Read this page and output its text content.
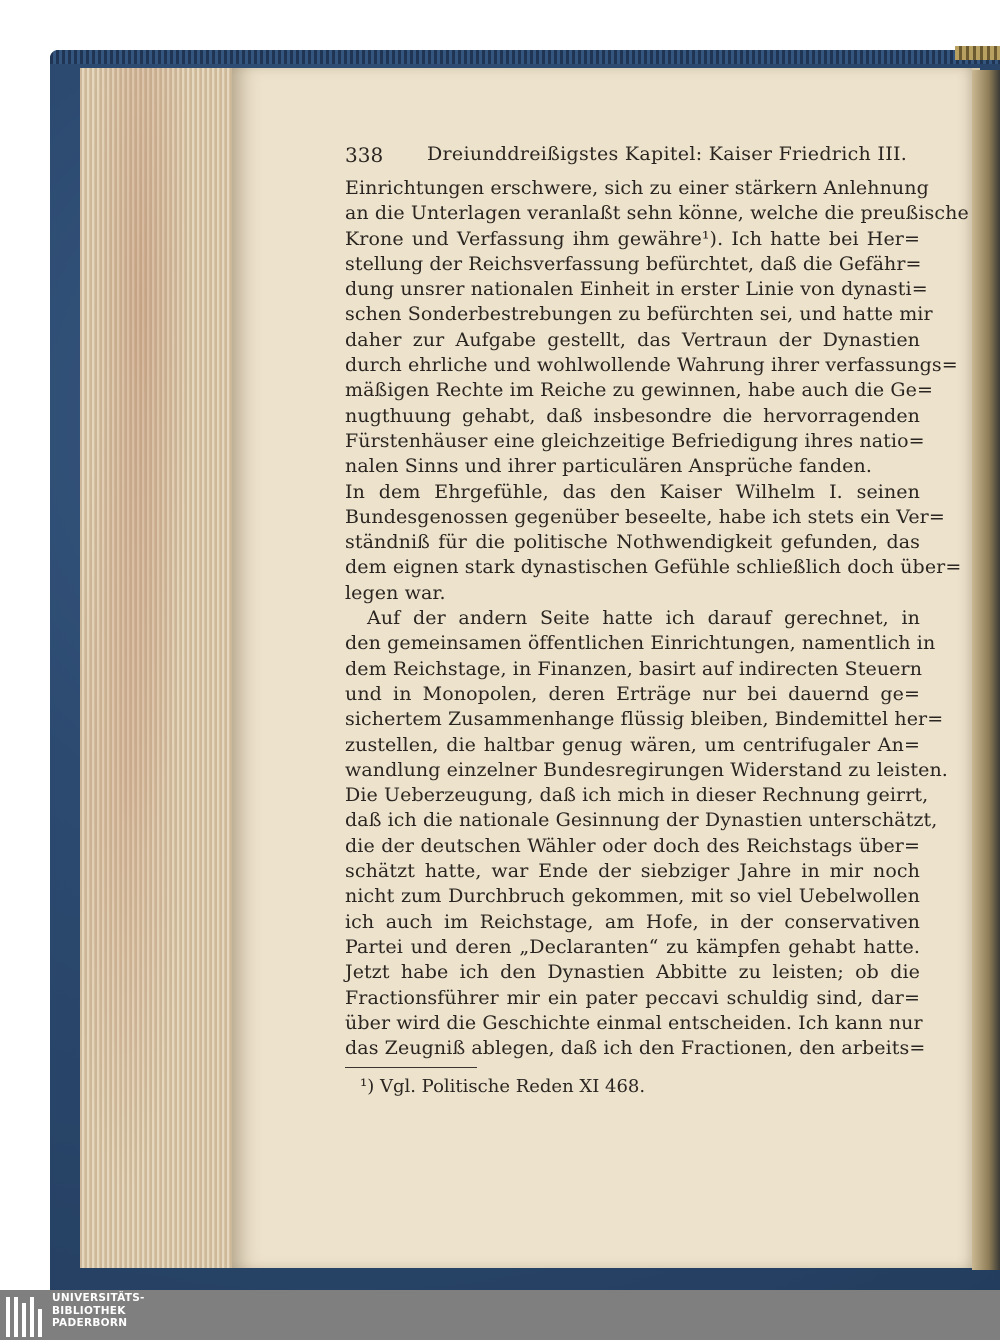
338 Dreiunddreißigstes Kapitel: Kaiser Friedrich III.
Einrichtungen erschwere, sich zu einer stärkern Anlehnung
an die Unterlagen veranlaßt sehn könne, welche die preußische
Krone und Verfassung ihm gewähre¹). Ich hatte bei Her=
stellung der Reichsverfassung befürchtet, daß die Gefähr=
dung unsrer nationalen Einheit in erster Linie von dynasti=
schen Sonderbestrebungen zu befürchten sei, und hatte mir
daher zur Aufgabe gestellt, das Vertraun der Dynastien
durch ehrliche und wohlwollende Wahrung ihrer verfassungs=
mäßigen Rechte im Reiche zu gewinnen, habe auch die Ge=
nugthuung gehabt, daß insbesondre die hervorragenden
Fürstenhäuser eine gleichzeitige Befriedigung ihres natio=
nalen Sinns und ihrer particulären Ansprüche fanden.
In dem Ehrgefühle, das den Kaiser Wilhelm I. seinen
Bundesgenossen gegenüber beseelte, habe ich stets ein Ver=
ständniß für die politische Nothwendigkeit gefunden, das
dem eignen stark dynastischen Gefühle schließlich doch über=
legen war.
Auf der andern Seite hatte ich darauf gerechnet, in
den gemeinsamen öffentlichen Einrichtungen, namentlich in
dem Reichstage, in Finanzen, basirt auf indirecten Steuern
und in Monopolen, deren Erträge nur bei dauernd ge=
sichertem Zusammenhange flüssig bleiben, Bindemittel her=
zustellen, die haltbar genug wären, um centrifugaler An=
wandlung einzelner Bundesregirungen Widerstand zu leisten.
Die Ueberzeugung, daß ich mich in dieser Rechnung geirrt,
daß ich die nationale Gesinnung der Dynastien unterschätzt,
die der deutschen Wähler oder doch des Reichstags über=
schätzt hatte, war Ende der siebziger Jahre in mir noch
nicht zum Durchbruch gekommen, mit so viel Uebelwollen
ich auch im Reichstage, am Hofe, in der conservativen
Partei und deren „Declaranten“ zu kämpfen gehabt hatte.
Jetzt habe ich den Dynastien Abbitte zu leisten; ob die
Fractionsführer mir ein pater peccavi schuldig sind, dar=
über wird die Geschichte einmal entscheiden. Ich kann nur
das Zeugniß ablegen, daß ich den Fractionen, den arbeits=
¹) Vgl. Politische Reden XI 468.
UNIVERSITÄTS-
BIBLIOTHEK
PADERBORN
